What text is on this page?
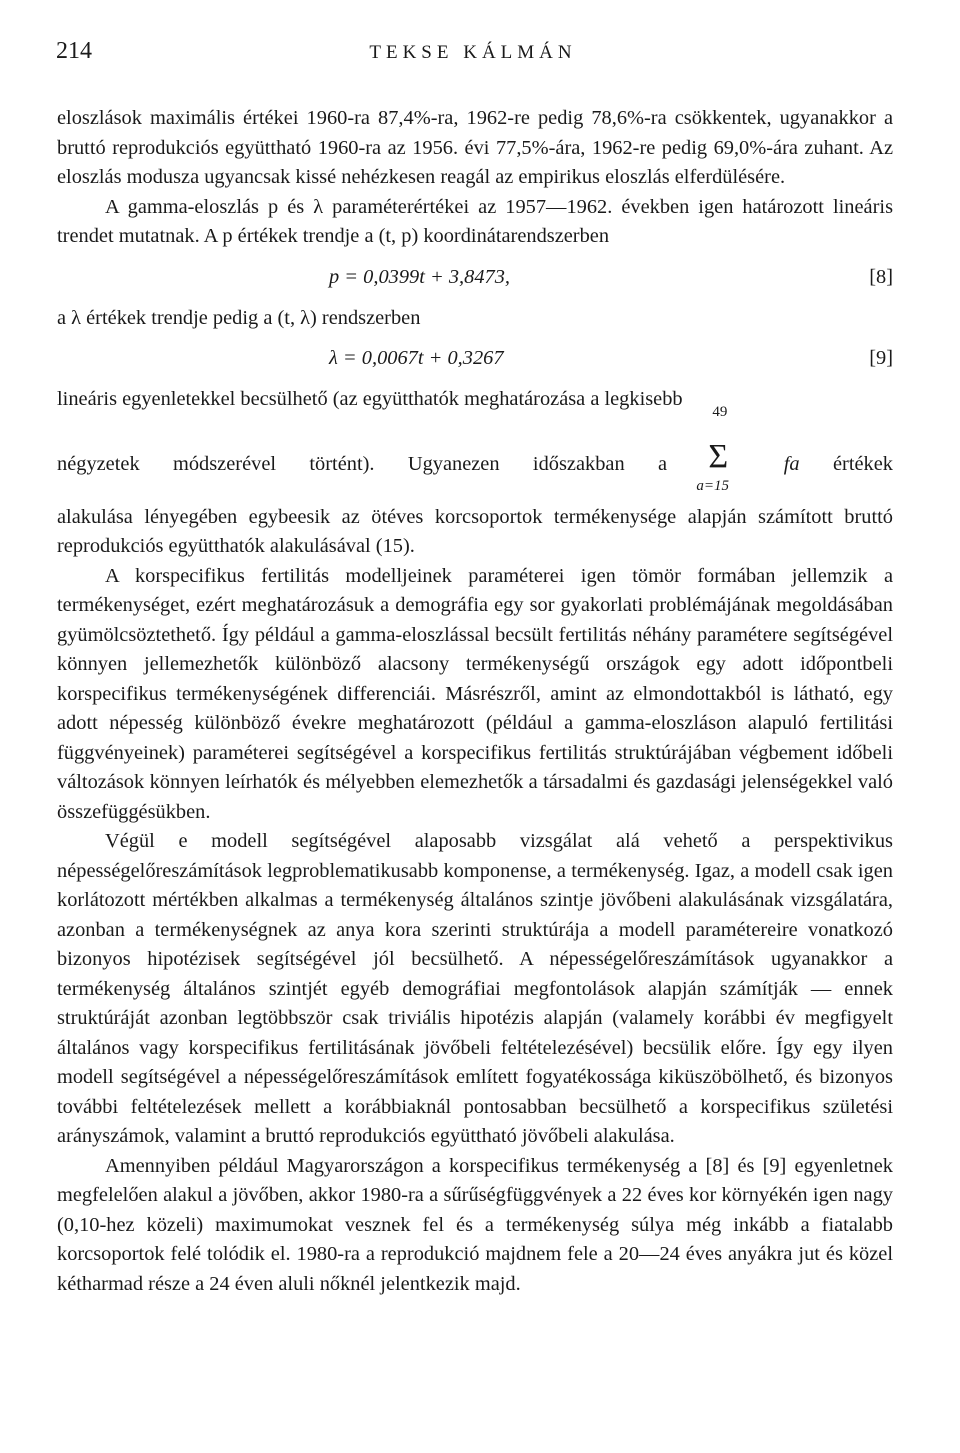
214	TEKSE KÁLMÁN

eloszlások maximális értékei 1960-ra 87,4%-ra, 1962-re pedig 78,6%-ra csökkentek, ugyanakkor a bruttó reprodukciós együttható 1960-ra az 1956. évi 77,5%-ára, 1962-re pedig 69,0%-ára zuhant. Az eloszlás modusza ugyancsak kissé nehézkesen reagál az empirikus eloszlás elferdülésére.

A gamma-eloszlás p és λ paraméterértékei az 1957—1962. években igen határozott lineáris trendet mutatnak. A p értékek trendje a (t, p) koordinátarendszerben

p = 0,0399t + 3,8473,	[8]

a λ értékek trendje pedig a (t, λ) rendszerben

λ = 0,0067t + 0,3267	[9]

lineáris egyenletekkel becsülhető (az együtthatók meghatározása a legkisebb

négyzetek módszerével történt). Ugyanezen időszakban a
49
Σ
a=15
fa értékek

alakulása lényegében egybeesik az ötéves korcsoportok termékenysége alapján számított bruttó reprodukciós együtthatók alakulásával (15).

A korspecifikus fertilitás modelljeinek paraméterei igen tömör formában jellemzik a termékenységet, ezért meghatározásuk a demográfia egy sor gyakorlati problémájának megoldásában gyümölcsöztethető. Így például a gamma-eloszlással becsült fertilitás néhány paramétere segítségével könnyen jellemezhetők különböző alacsony termékenységű országok egy adott időpontbeli korspecifikus termékenységének differenciái. Másrészről, amint az elmondottakból is látható, egy adott népesség különböző évekre meghatározott (például a gamma-eloszláson alapuló fertilitási függvényeinek) paraméterei segítségével a korspecifikus fertilitás struktúrájában végbement időbeli változások könnyen leírhatók és mélyebben elemezhetők a társadalmi és gazdasági jelenségekkel való összefüggésükben.

Végül e modell segítségével alaposabb vizsgálat alá vehető a perspektivikus népességelőreszámítások legproblematikusabb komponense, a termékenység. Igaz, a modell csak igen korlátozott mértékben alkalmas a termékenység általános szintje jövőbeni alakulásának vizsgálatára, azonban a termékenységnek az anya kora szerinti struktúrája a modell paramétereire vonatkozó bizonyos hipotézisek segítségével jól becsülhető. A népességelőreszámítások ugyanakkor a termékenység általános szintjét egyéb demográfiai megfontolások alapján számítják — ennek struktúráját azonban legtöbbször csak triviális hipotézis alapján (valamely korábbi év megfigyelt általános vagy korspecifikus fertilitásának jövőbeli feltételezésével) becsülik előre. Így egy ilyen modell segítségével a népességelőreszámítások említett fogyatékossága kiküszöbölhető, és bizonyos további feltételezések mellett a korábbiaknál pontosabban becsülhető a korspecifikus születési arányszámok, valamint a bruttó reprodukciós együttható jövőbeli alakulása.

Amennyiben például Magyarországon a korspecifikus termékenység a [8] és [9] egyenletnek megfelelően alakul a jövőben, akkor 1980-ra a sűrűségfüggvények a 22 éves kor környékén igen nagy (0,10-hez közeli) maximumokat vesznek fel és a termékenység súlya még inkább a fiatalabb korcsoportok felé tolódik el. 1980-ra a reprodukció majdnem fele a 20—24 éves anyákra jut és közel kétharmad része a 24 éven aluli nőknél jelentkezik majd.
